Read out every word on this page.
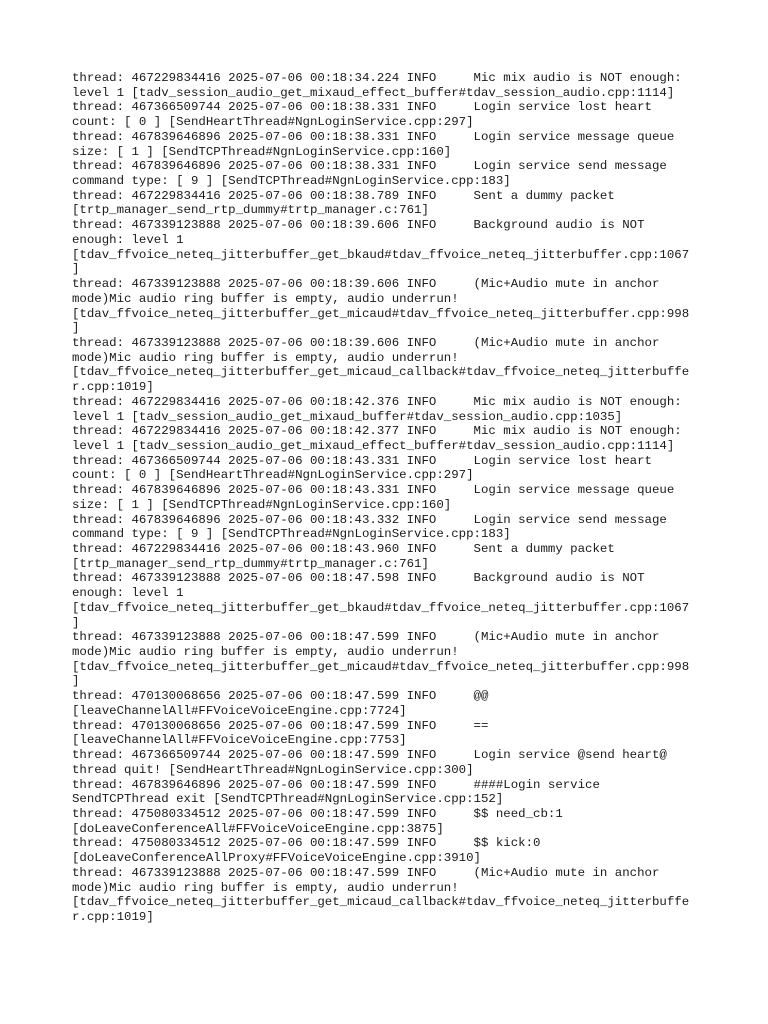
thread: 467229834416 2025-07-06 00:18:34.224 INFO     Mic mix audio is NOT enough:
level 1 [tadv_session_audio_get_mixaud_effect_buffer#tdav_session_audio.cpp:1114]
thread: 467366509744 2025-07-06 00:18:38.331 INFO     Login service lost heart
count: [ 0 ] [SendHeartThread#NgnLoginService.cpp:297]
thread: 467839646896 2025-07-06 00:18:38.331 INFO     Login service message queue
size: [ 1 ] [SendTCPThread#NgnLoginService.cpp:160]
thread: 467839646896 2025-07-06 00:18:38.331 INFO     Login service send message
command type: [ 9 ] [SendTCPThread#NgnLoginService.cpp:183]
thread: 467229834416 2025-07-06 00:18:38.789 INFO     Sent a dummy packet
[trtp_manager_send_rtp_dummy#trtp_manager.c:761]
thread: 467339123888 2025-07-06 00:18:39.606 INFO     Background audio is NOT
enough: level 1
[tdav_ffvoice_neteq_jitterbuffer_get_bkaud#tdav_ffvoice_neteq_jitterbuffer.cpp:1067
]
thread: 467339123888 2025-07-06 00:18:39.606 INFO     (Mic+Audio mute in anchor
mode)Mic audio ring buffer is empty, audio underrun!
[tdav_ffvoice_neteq_jitterbuffer_get_micaud#tdav_ffvoice_neteq_jitterbuffer.cpp:998
]
thread: 467339123888 2025-07-06 00:18:39.606 INFO     (Mic+Audio mute in anchor
mode)Mic audio ring buffer is empty, audio underrun!
[tdav_ffvoice_neteq_jitterbuffer_get_micaud_callback#tdav_ffvoice_neteq_jitterbuffe
r.cpp:1019]
thread: 467229834416 2025-07-06 00:18:42.376 INFO     Mic mix audio is NOT enough:
level 1 [tadv_session_audio_get_mixaud_buffer#tdav_session_audio.cpp:1035]
thread: 467229834416 2025-07-06 00:18:42.377 INFO     Mic mix audio is NOT enough:
level 1 [tadv_session_audio_get_mixaud_effect_buffer#tdav_session_audio.cpp:1114]
thread: 467366509744 2025-07-06 00:18:43.331 INFO     Login service lost heart
count: [ 0 ] [SendHeartThread#NgnLoginService.cpp:297]
thread: 467839646896 2025-07-06 00:18:43.331 INFO     Login service message queue
size: [ 1 ] [SendTCPThread#NgnLoginService.cpp:160]
thread: 467839646896 2025-07-06 00:18:43.332 INFO     Login service send message
command type: [ 9 ] [SendTCPThread#NgnLoginService.cpp:183]
thread: 467229834416 2025-07-06 00:18:43.960 INFO     Sent a dummy packet
[trtp_manager_send_rtp_dummy#trtp_manager.c:761]
thread: 467339123888 2025-07-06 00:18:47.598 INFO     Background audio is NOT
enough: level 1
[tdav_ffvoice_neteq_jitterbuffer_get_bkaud#tdav_ffvoice_neteq_jitterbuffer.cpp:1067
]
thread: 467339123888 2025-07-06 00:18:47.599 INFO     (Mic+Audio mute in anchor
mode)Mic audio ring buffer is empty, audio underrun!
[tdav_ffvoice_neteq_jitterbuffer_get_micaud#tdav_ffvoice_neteq_jitterbuffer.cpp:998
]
thread: 470130068656 2025-07-06 00:18:47.599 INFO     @@
[leaveChannelAll#FFVoiceVoiceEngine.cpp:7724]
thread: 470130068656 2025-07-06 00:18:47.599 INFO     ==
[leaveChannelAll#FFVoiceVoiceEngine.cpp:7753]
thread: 467366509744 2025-07-06 00:18:47.599 INFO     Login service @send heart@
thread quit! [SendHeartThread#NgnLoginService.cpp:300]
thread: 467839646896 2025-07-06 00:18:47.599 INFO     ####Login service
SendTCPThread exit [SendTCPThread#NgnLoginService.cpp:152]
thread: 475080334512 2025-07-06 00:18:47.599 INFO     $$ need_cb:1
[doLeaveConferenceAll#FFVoiceVoiceEngine.cpp:3875]
thread: 475080334512 2025-07-06 00:18:47.599 INFO     $$ kick:0
[doLeaveConferenceAllProxy#FFVoiceVoiceEngine.cpp:3910]
thread: 467339123888 2025-07-06 00:18:47.599 INFO     (Mic+Audio mute in anchor
mode)Mic audio ring buffer is empty, audio underrun!
[tdav_ffvoice_neteq_jitterbuffer_get_micaud_callback#tdav_ffvoice_neteq_jitterbuffe
r.cpp:1019]
